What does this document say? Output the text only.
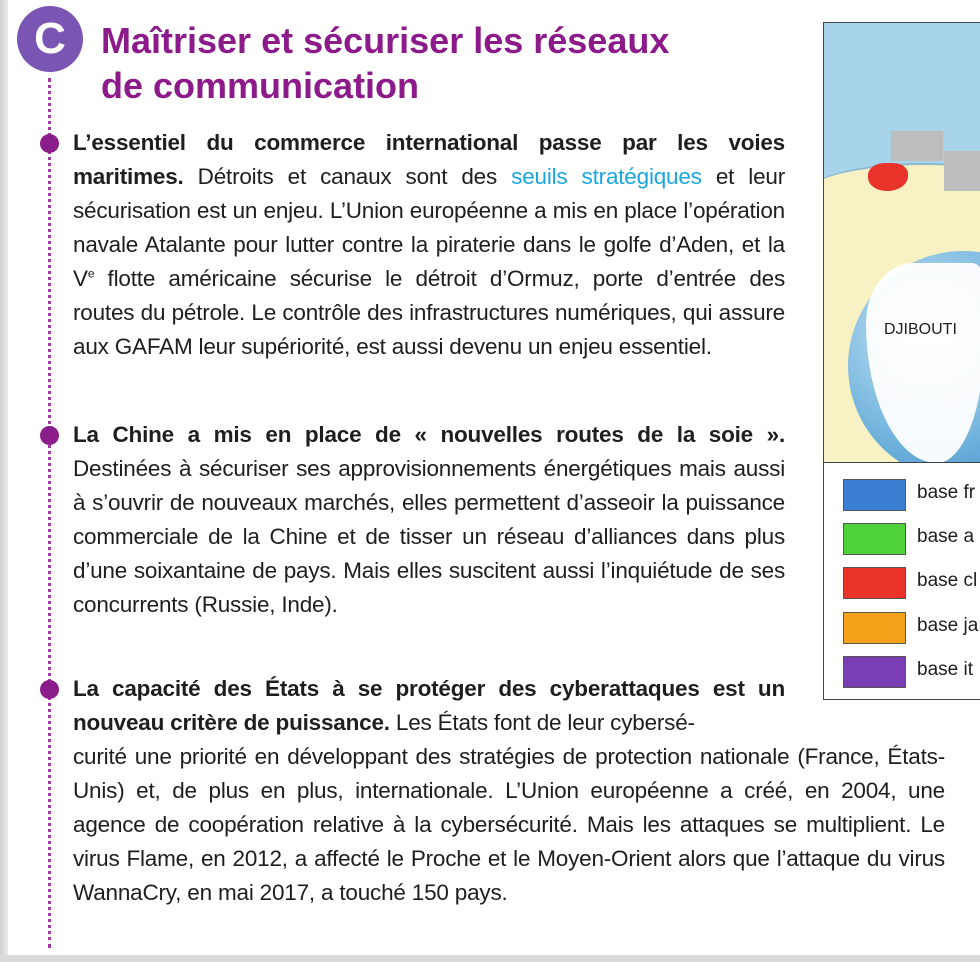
C Maîtriser et sécuriser les réseaux
de communication

L’essentiel du commerce international passe par les voies maritimes. Détroits et canaux sont des seuils stratégiques et leur sécurisation est un enjeu. L’Union européenne a mis en place l’opération navale Atalante pour lutter contre la piraterie dans le golfe d’Aden, et la Ve flotte américaine sécurise le détroit d’Ormuz, porte d’entrée des routes du pétrole. Le contrôle des infrastructures numériques, qui assure aux GAFAM leur supériorité, est aussi devenu un enjeu essentiel.

La Chine a mis en place de « nouvelles routes de la soie ». Destinées à sécuriser ses approvisionnements énergétiques mais aussi à s’ouvrir de nouveaux marchés, elles permettent d’asseoir la puissance commerciale de la Chine et de tisser un réseau d’alliances dans plus d’une soixantaine de pays. Mais elles suscitent aussi l’inquiétude de ses concurrents (Russie, Inde).

La capacité des États à se protéger des cyberattaques est un nouveau critère de puissance. Les États font de leur cybersé-

curité une priorité en développant des stratégies de protection nationale (France, États-Unis) et, de plus en plus, internationale. L’Union européenne a créé, en 2004, une agence de coopération relative à la cybersécurité. Mais les attaques se multiplient. Le virus Flame, en 2012, a affecté le Proche et le Moyen-Orient alors que l’attaque du virus WannaCry, en mai 2017, a touché 150 pays.

DJIBOUTI
base fr
base a
base cl
base ja
base it
